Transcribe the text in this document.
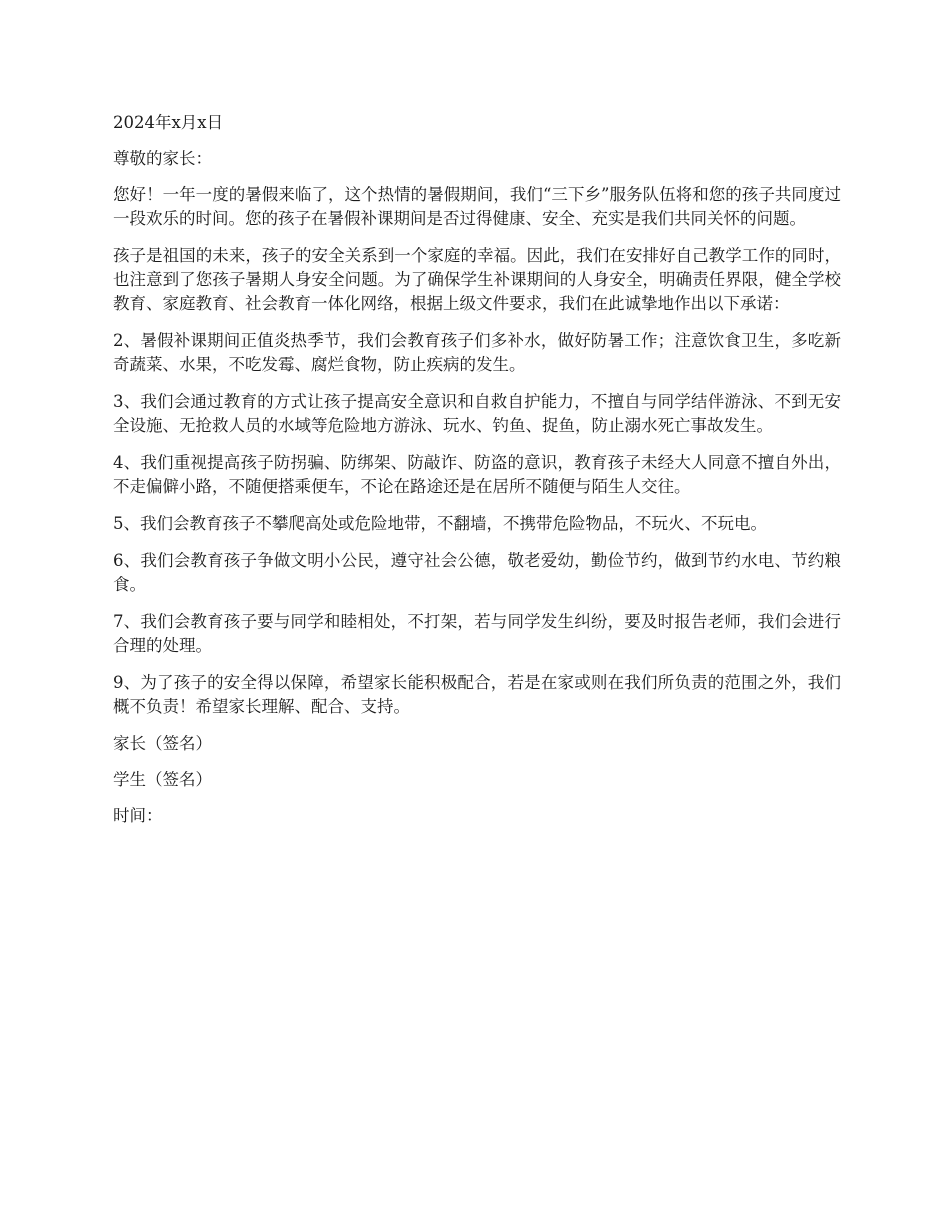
2024年x月x日

尊敬的家长：

您好！一年一度的暑假来临了，这个热情的暑假期间，我们“三下乡”服务队伍将和您的孩子共同度过一段欢乐的时间。您的孩子在暑假补课期间是否过得健康、安全、充实是我们共同关怀的问题。

孩子是祖国的未来，孩子的安全关系到一个家庭的幸福。因此，我们在安排好自己教学工作的同时，也注意到了您孩子暑期人身安全问题。为了确保学生补课期间的人身安全，明确责任界限，健全学校教育、家庭教育、社会教育一体化网络，根据上级文件要求，我们在此诚挚地作出以下承诺：

2、暑假补课期间正值炎热季节，我们会教育孩子们多补水，做好防暑工作；注意饮食卫生，多吃新奇蔬菜、水果，不吃发霉、腐烂食物，防止疾病的发生。

3、我们会通过教育的方式让孩子提高安全意识和自救自护能力，不擅自与同学结伴游泳、不到无安全设施、无抢救人员的水域等危险地方游泳、玩水、钓鱼、捉鱼，防止溺水死亡事故发生。

4、我们重视提高孩子防拐骗、防绑架、防敲诈、防盗的意识，教育孩子未经大人同意不擅自外出，不走偏僻小路，不随便搭乘便车，不论在路途还是在居所不随便与陌生人交往。

5、我们会教育孩子不攀爬高处或危险地带，不翻墙，不携带危险物品，不玩火、不玩电。

6、我们会教育孩子争做文明小公民，遵守社会公德，敬老爱幼，勤俭节约，做到节约水电、节约粮食。

7、我们会教育孩子要与同学和睦相处，不打架，若与同学发生纠纷，要及时报告老师，我们会进行合理的处理。

9、为了孩子的安全得以保障，希望家长能积极配合，若是在家或则在我们所负责的范围之外，我们概不负责！希望家长理解、配合、支持。

家长（签名）

学生（签名）

时间：
